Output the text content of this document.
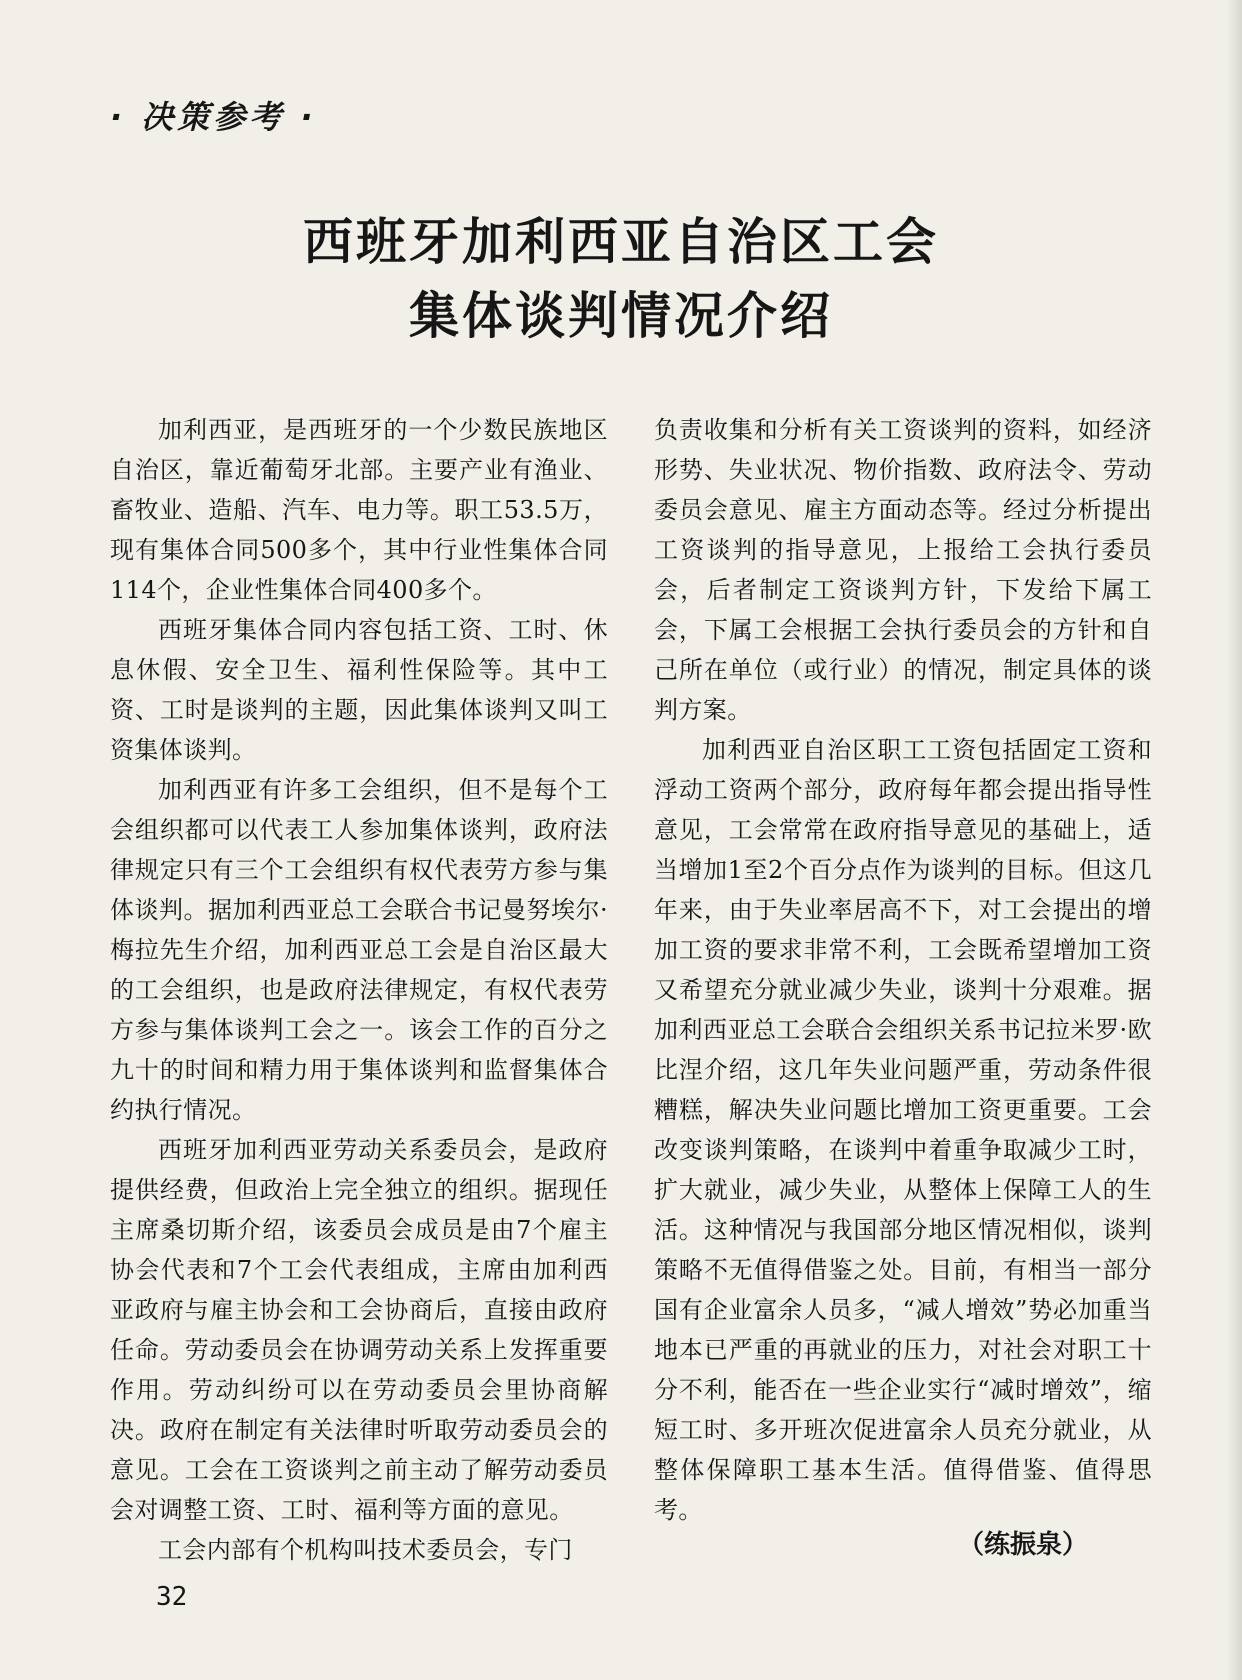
· 决策参考 ·
西班牙加利西亚自治区工会
集体谈判情况介绍

加利西亚，是西班牙的一个少数民族地区自治区，靠近葡萄牙北部。主要产业有渔业、畜牧业、造船、汽车、电力等。职工53.5万，现有集体合同500多个，其中行业性集体合同114个，企业性集体合同400多个。

西班牙集体合同内容包括工资、工时、休息休假、安全卫生、福利性保险等。其中工资、工时是谈判的主题，因此集体谈判又叫工资集体谈判。

加利西亚有许多工会组织，但不是每个工会组织都可以代表工人参加集体谈判，政府法律规定只有三个工会组织有权代表劳方参与集体谈判。据加利西亚总工会联合书记曼努埃尔·梅拉先生介绍，加利西亚总工会是自治区最大的工会组织，也是政府法律规定，有权代表劳方参与集体谈判工会之一。该会工作的百分之九十的时间和精力用于集体谈判和监督集体合约执行情况。

西班牙加利西亚劳动关系委员会，是政府提供经费，但政治上完全独立的组织。据现任主席桑切斯介绍，该委员会成员是由7个雇主协会代表和7个工会代表组成，主席由加利西亚政府与雇主协会和工会协商后，直接由政府任命。劳动委员会在协调劳动关系上发挥重要作用。劳动纠纷可以在劳动委员会里协商解决。政府在制定有关法律时听取劳动委员会的意见。工会在工资谈判之前主动了解劳动委员会对调整工资、工时、福利等方面的意见。

工会内部有个机构叫技术委员会，专门

负责收集和分析有关工资谈判的资料，如经济形势、失业状况、物价指数、政府法令、劳动委员会意见、雇主方面动态等。经过分析提出工资谈判的指导意见，上报给工会执行委员会，后者制定工资谈判方针，下发给下属工会，下属工会根据工会执行委员会的方针和自己所在单位（或行业）的情况，制定具体的谈判方案。

加利西亚自治区职工工资包括固定工资和浮动工资两个部分，政府每年都会提出指导性意见，工会常常在政府指导意见的基础上，适当增加1至2个百分点作为谈判的目标。但这几年来，由于失业率居高不下，对工会提出的增加工资的要求非常不利，工会既希望增加工资又希望充分就业减少失业，谈判十分艰难。据加利西亚总工会联合会组织关系书记拉米罗·欧比涅介绍，这几年失业问题严重，劳动条件很糟糕，解决失业问题比增加工资更重要。工会改变谈判策略，在谈判中着重争取减少工时，扩大就业，减少失业，从整体上保障工人的生活。这种情况与我国部分地区情况相似，谈判策略不无值得借鉴之处。目前，有相当一部分国有企业富余人员多，“减人增效”势必加重当地本已严重的再就业的压力，对社会对职工十分不利，能否在一些企业实行“减时增效”，缩短工时、多开班次促进富余人员充分就业，从整体保障职工基本生活。值得借鉴、值得思考。

（练振泉）
32
